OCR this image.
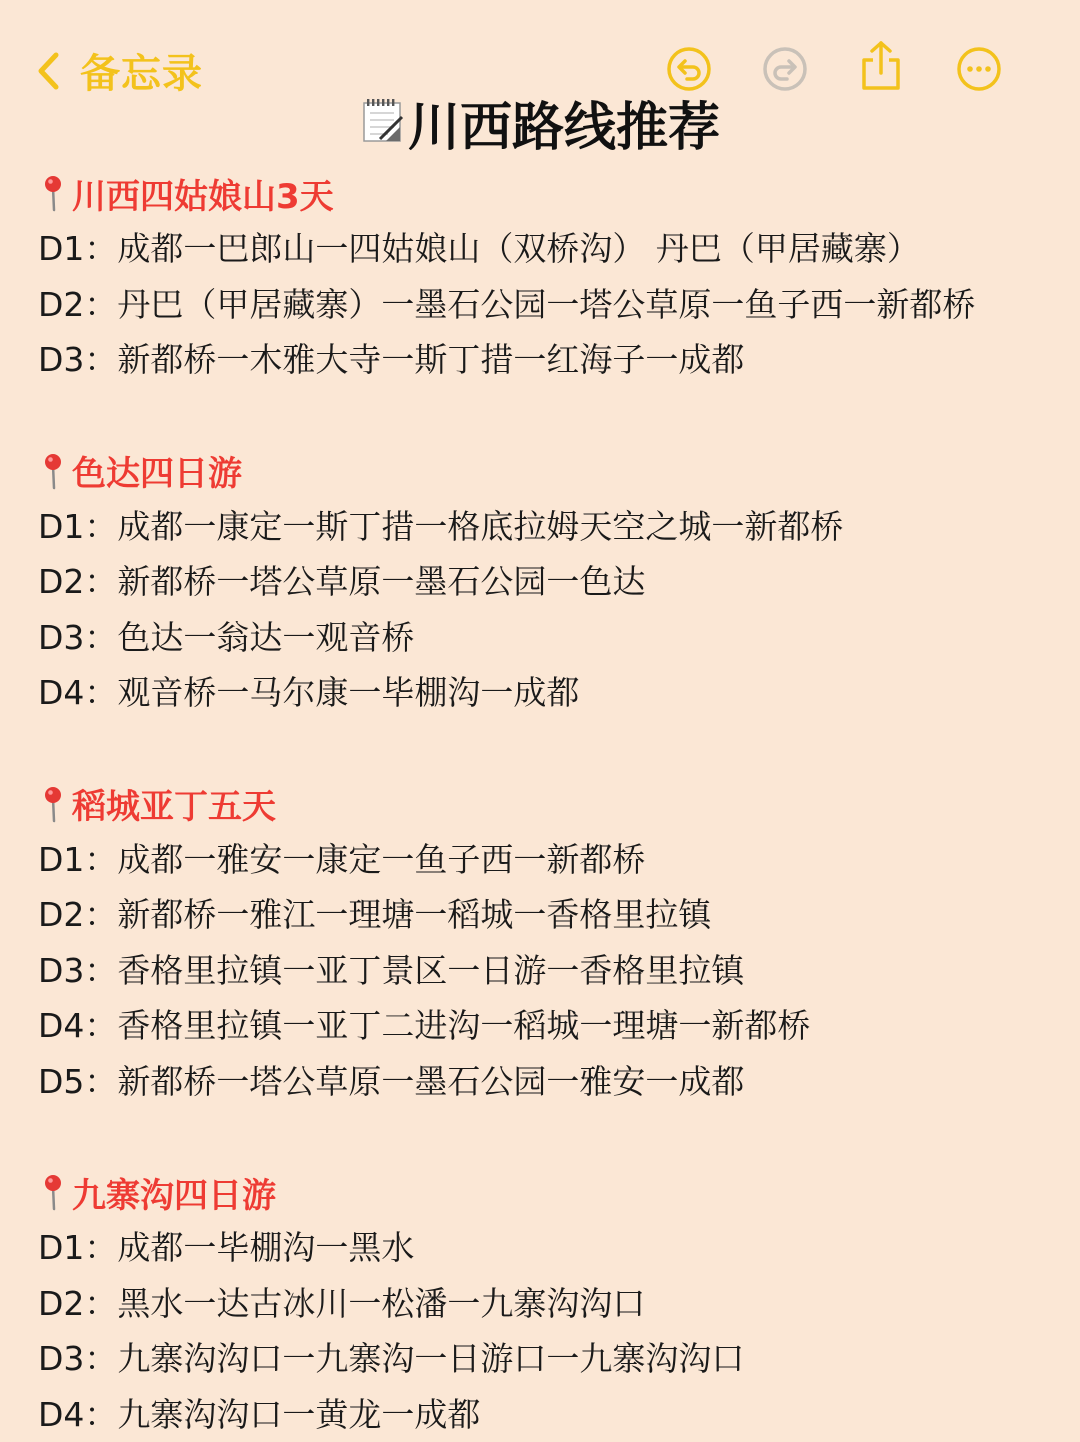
备忘录
川西路线推荐
川西四姑娘山3天
D1：成都一巴郎山一四姑娘山（双桥沟） 丹巴（甲居藏寨）
D2：丹巴（甲居藏寨）一墨石公园一塔公草原一鱼子西一新都桥
D3：新都桥一木雅大寺一斯丁措一红海子一成都
色达四日游
D1：成都一康定一斯丁措一格底拉姆天空之城一新都桥
D2：新都桥一塔公草原一墨石公园一色达
D3：色达一翁达一观音桥
D4：观音桥一马尔康一毕棚沟一成都
稻城亚丁五天
D1：成都一雅安一康定一鱼子西一新都桥
D2：新都桥一雅江一理塘一稻城一香格里拉镇
D3：香格里拉镇一亚丁景区一日游一香格里拉镇
D4：香格里拉镇一亚丁二进沟一稻城一理塘一新都桥
D5：新都桥一塔公草原一墨石公园一雅安一成都
九寨沟四日游
D1：成都一毕棚沟一黑水
D2：黑水一达古冰川一松潘一九寨沟沟口
D3：九寨沟沟口一九寨沟一日游口一九寨沟沟口
D4：九寨沟沟口一黄龙一成都
